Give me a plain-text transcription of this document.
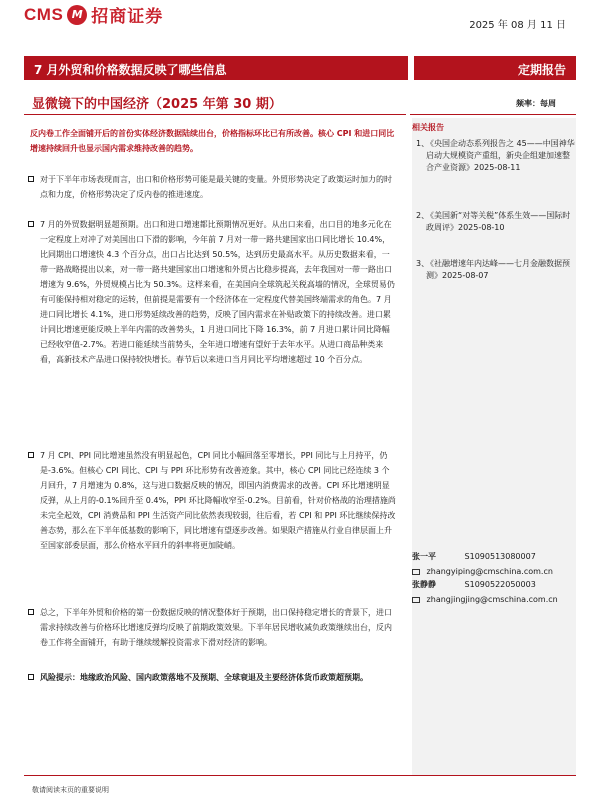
CMS M 招商证券	2025 年 08 月 11 日
7 月外贸和价格数据反映了哪些信息	定期报告
显微镜下的中国经济（2025 年第 30 期）	频率：每周
反内卷工作全面铺开后的首份实体经济数据陆续出台，价格指标环比已有所改善。核心 CPI 和进口同比增速持续回升也显示国内需求维持改善的趋势。
对于下半年市场表现而言，出口和价格形势可能是最关键的变量。外贸形势决定了政策运时加力的时点和力度，价格形势决定了反内卷的推进速度。
7 月的外贸数据明显超预期。出口和进口增速都比预期情况更好。从出口来看，出口目的地多元化在一定程度上对冲了对美国出口下滑的影响，今年前 7 月对一带一路共建国家出口同比增长 10.4%，比同期出口增速快 4.3 个百分点，出口占比达到 50.5%，达到历史最高水平。从历史数据来看，一带一路战略提出以来，对一带一路共建国家出口增速和外贸占比稳步提高，去年我国对一带一路出口增速为 9.6%，外贸规模占比为 50.3%。这样来看，在美国向全球筑起关税高墙的情况，全球贸易仍有可能保持相对稳定的运转，但前提是需要有一个经济体在一定程度代替美国终端需求的角色。7 月进口同比增长 4.1%，进口形势延续改善的趋势，反映了国内需求在补贴政策下的持续改善。进口累计同比增速更能反映上半年内需的改善势头，1 月进口同比下降 16.3%，前 7 月进口累计同比降幅已经收窄值-2.7%。若进口能延续当前势头，全年进口增速有望好于去年水平。从进口商品种类来看，高新技术产品进口保持较快增长。春节后以来进口当月同比平均增速超过 10 个百分点。
7 月 CPI、PPI 同比增速虽然没有明显起色，CPI 同比小幅回落至零增长，PPI 同比与上月持平，仍是-3.6%。但核心 CPI 同比、CPI 与 PPI 环比形势有改善迹象。其中，核心 CPI 同比已经连续 3 个月回升，7 月增速为 0.8%，这与进口数据反映的情况，即国内消费需求的改善。CPI 环比增速明显反弹，从上月的-0.1%回升至 0.4%，PPI 环比降幅收窄至-0.2%。目前看，针对价格战的治理措施尚未完全起效，CPI 消费品和 PPI 生活资产同比依然表现较弱，往后看，若 CPI 和 PPI 环比继续保持改善态势，那么在下半年低基数的影响下，同比增速有望逐步改善。如果限产措施从行业自律层面上升至国家部委层面，那么价格水平回升的斜率将更加陡峭。
总之，下半年外贸和价格的第一份数据反映的情况整体好于预期，出口保持稳定增长的背景下，进口需求持续改善与价格环比增速反弹均反映了前期政策效果。下半年居民增收减负政策继续出台，反内卷工作将全面铺开，有助于继续缓解投资需求下滑对经济的影响。
风险提示：地缘政治风险、国内政策落地不及预期、全球衰退及主要经济体货币政策超预期。
相关报告
1、
《央国企动态系列报告之 45——中国神华启动大规模资产重组，新央企组建加速整合产业资源》2025-08-11
2、
《美国新“对等关税”体系生效——国际时政周评》2025-08-10
3、
《社融增速年内达峰——七月金融数据预测》2025-08-07
张一平	S1090513080007
zhangyiping@cmschina.com.cn
张静静	S1090522050003
zhangjingjing@cmschina.com.cn
敬请阅读末页的重要说明
